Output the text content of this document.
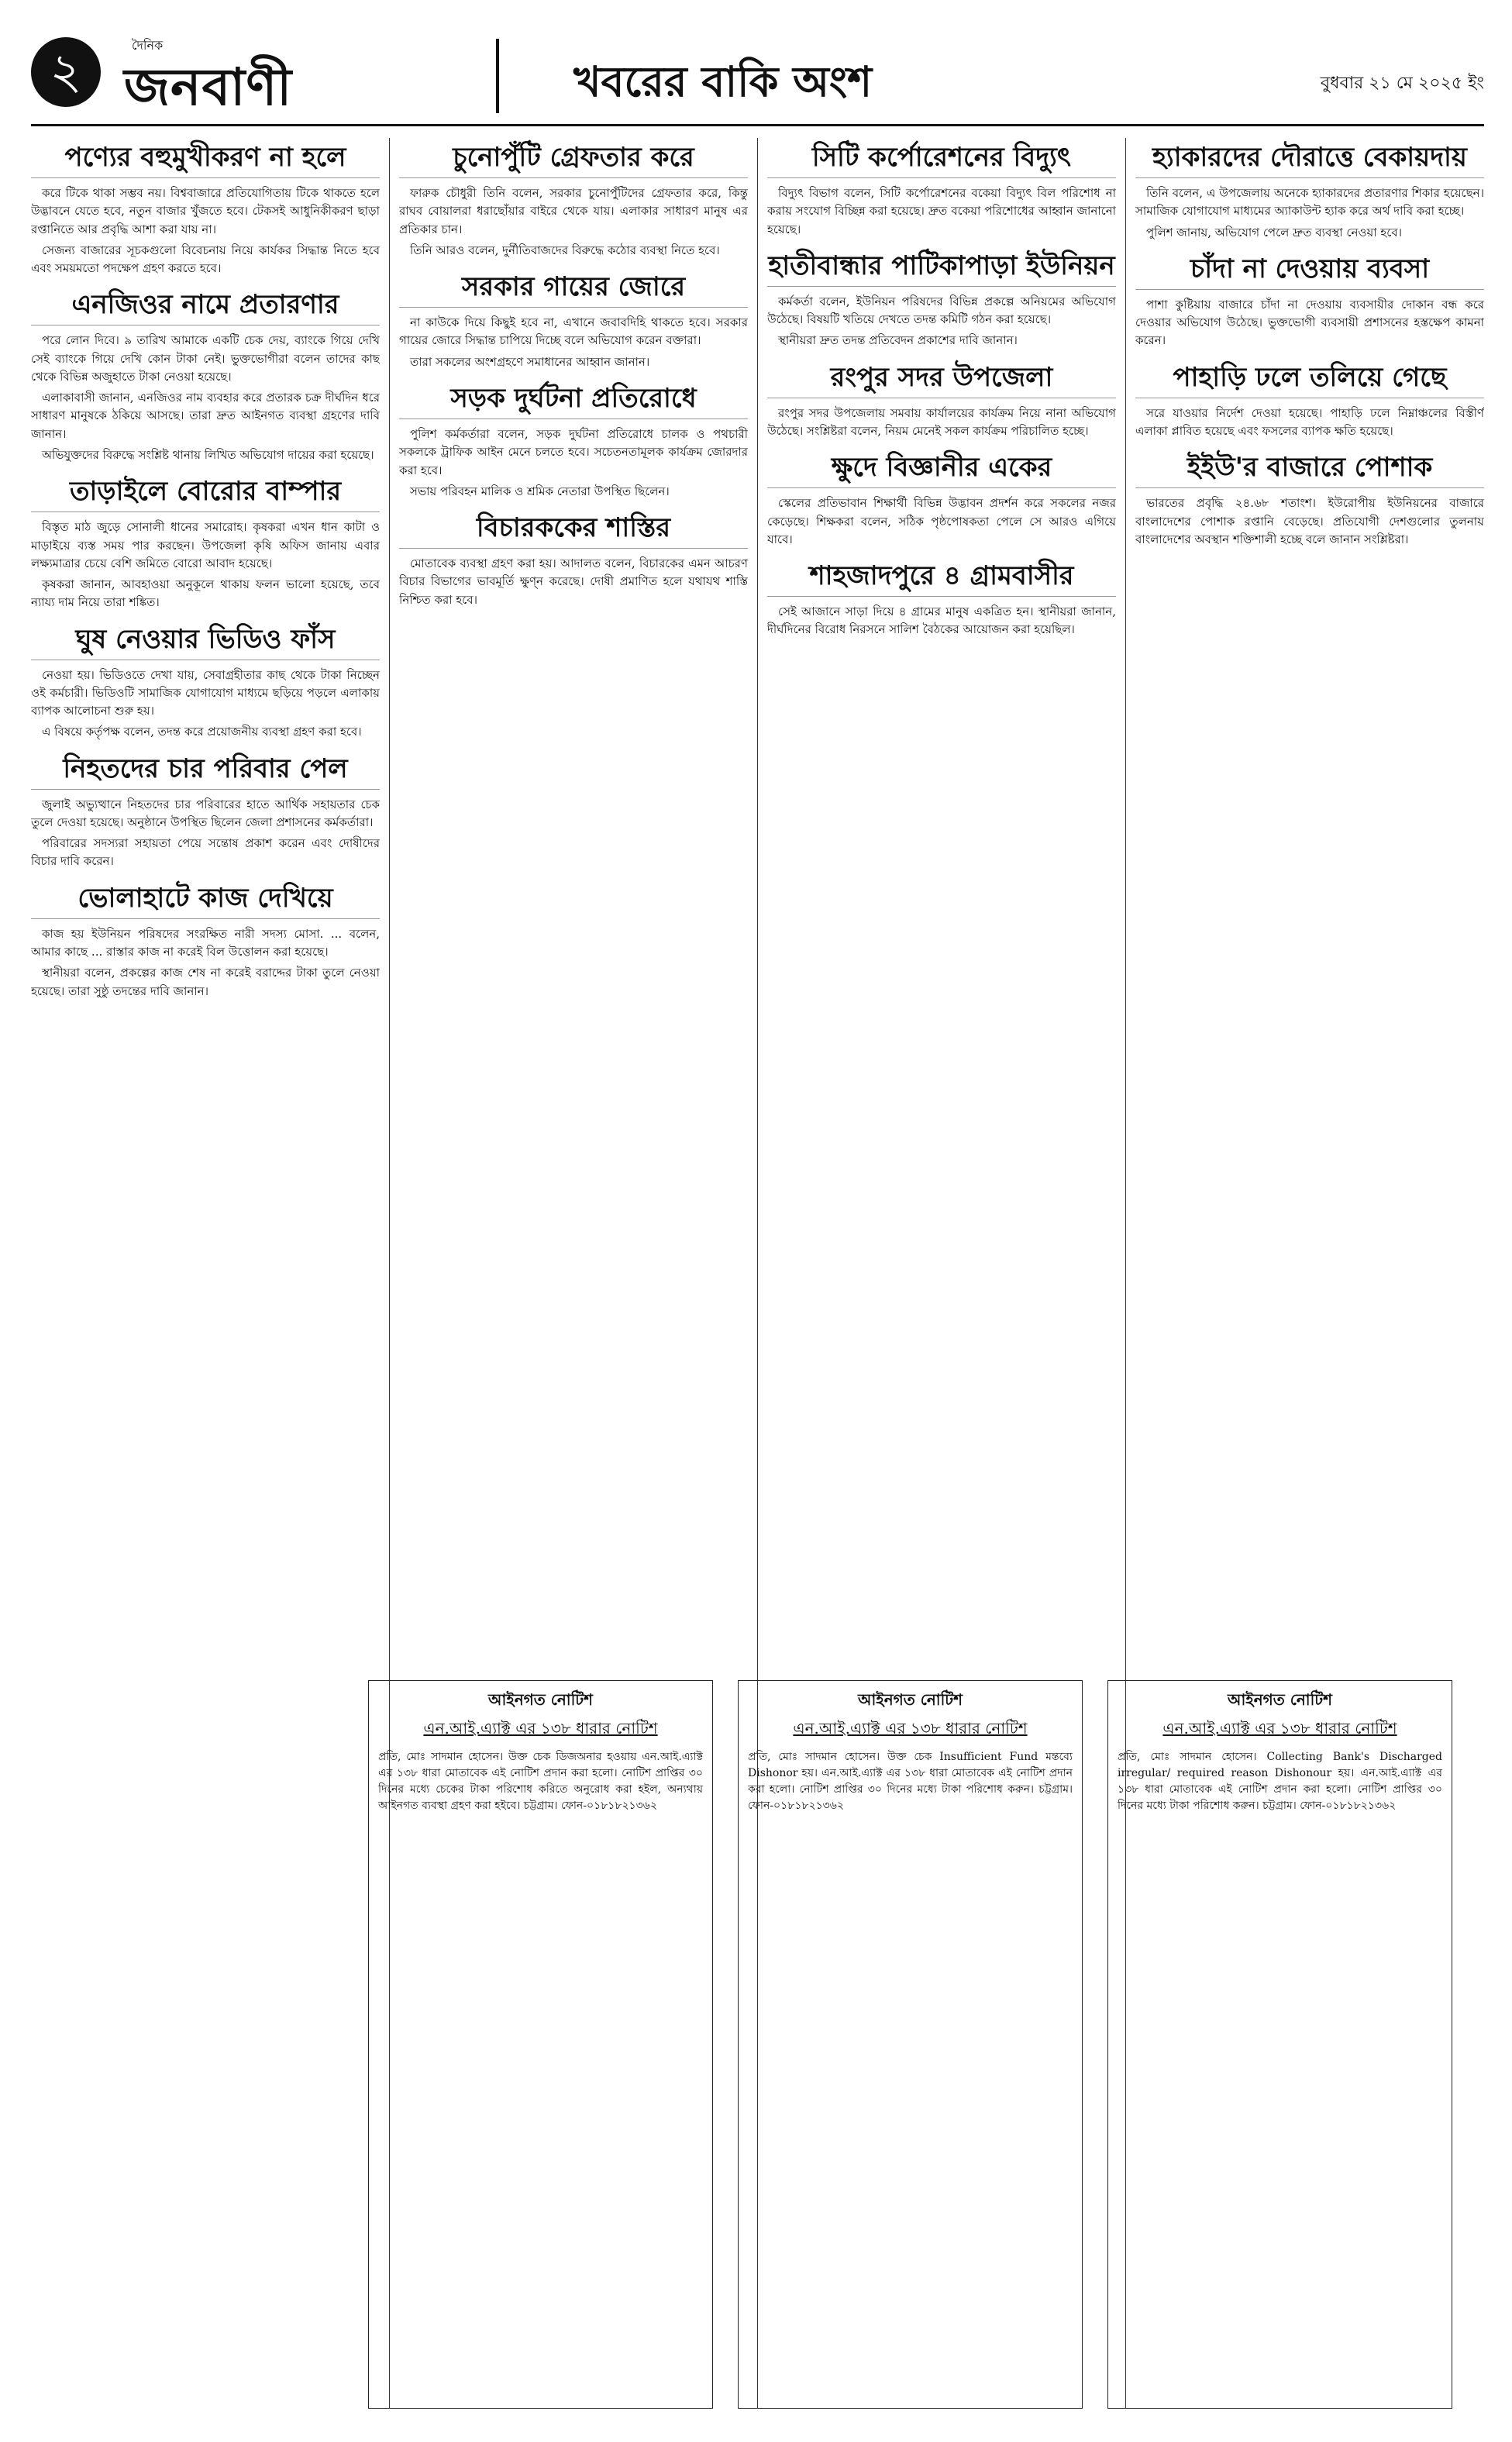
২	দৈনিক
জনবাণী	খবরের বাকি অংশ	বুধবার ২১ মে ২০২৫ ইং
পণ্যের বহুমুখীকরণ না হলে

করে টিকে থাকা সম্ভব নয়। বিশ্ববাজারে প্রতিযোগিতায় টিকে থাকতে হলে উদ্ভাবনে যেতে হবে, নতুন বাজার খুঁজতে হবে। টেকসই আধুনিকীকরণ ছাড়া রপ্তানিতে আর প্রবৃদ্ধি আশা করা যায় না।

সেজন্য বাজারের সূচকগুলো বিবেচনায় নিয়ে কার্যকর সিদ্ধান্ত নিতে হবে এবং সময়মতো পদক্ষেপ গ্রহণ করতে হবে।

এনজিওর নামে প্রতারণার

পরে লোন দিবে। ৯ তারিখ আমাকে একটি চেক দেয়, ব্যাংকে গিয়ে দেখি সেই ব্যাংকে গিয়ে দেখি কোন টাকা নেই। ভুক্তভোগীরা বলেন তাদের কাছ থেকে বিভিন্ন অজুহাতে টাকা নেওয়া হয়েছে।

এলাকাবাসী জানান, এনজিওর নাম ব্যবহার করে প্রতারক চক্র দীর্ঘদিন ধরে সাধারণ মানুষকে ঠকিয়ে আসছে। তারা দ্রুত আইনগত ব্যবস্থা গ্রহণের দাবি জানান।

অভিযুক্তদের বিরুদ্ধে সংশ্লিষ্ট থানায় লিখিত অভিযোগ দায়ের করা হয়েছে।

তাড়াইলে বোরোর বাম্পার

বিস্তৃত মাঠ জুড়ে সোনালী ধানের সমারোহ। কৃষকরা এখন ধান কাটা ও মাড়াইয়ে ব্যস্ত সময় পার করছেন। উপজেলা কৃষি অফিস জানায় এবার লক্ষ্যমাত্রার চেয়ে বেশি জমিতে বোরো আবাদ হয়েছে।

কৃষকরা জানান, আবহাওয়া অনুকূলে থাকায় ফলন ভালো হয়েছে, তবে ন্যায্য দাম নিয়ে তারা শঙ্কিত।

ঘুষ নেওয়ার ভিডিও ফাঁস

নেওয়া হয়। ভিডিওতে দেখা যায়, সেবাগ্রহীতার কাছ থেকে টাকা নিচ্ছেন ওই কর্মচারী। ভিডিওটি সামাজিক যোগাযোগ মাধ্যমে ছড়িয়ে পড়লে এলাকায় ব্যাপক আলোচনা শুরু হয়।

এ বিষয়ে কর্তৃপক্ষ বলেন, তদন্ত করে প্রয়োজনীয় ব্যবস্থা গ্রহণ করা হবে।

নিহতদের চার পরিবার পেল

জুলাই অভ্যুত্থানে নিহতদের চার পরিবারের হাতে আর্থিক সহায়তার চেক তুলে দেওয়া হয়েছে। অনুষ্ঠানে উপস্থিত ছিলেন জেলা প্রশাসনের কর্মকর্তারা।

পরিবারের সদস্যরা সহায়তা পেয়ে সন্তোষ প্রকাশ করেন এবং দোষীদের বিচার দাবি করেন।

ভোলাহাটে কাজ দেখিয়ে

কাজ হয় ইউনিয়ন পরিষদের সংরক্ষিত নারী সদস্য মোসা. ... বলেন, আমার কাছে ... রাস্তার কাজ না করেই বিল উত্তোলন করা হয়েছে।

স্থানীয়রা বলেন, প্রকল্পের কাজ শেষ না করেই বরাদ্দের টাকা তুলে নেওয়া হয়েছে। তারা সুষ্ঠু তদন্তের দাবি জানান।

চুনোপুঁটি গ্রেফতার করে

ফারুক চৌধুরী তিনি বলেন, সরকার চুনোপুঁটিদের গ্রেফতার করে, কিন্তু রাঘব বোয়ালরা ধরাছোঁয়ার বাইরে থেকে যায়। এলাকার সাধারণ মানুষ এর প্রতিকার চান।

তিনি আরও বলেন, দুর্নীতিবাজদের বিরুদ্ধে কঠোর ব্যবস্থা নিতে হবে।

সরকার গায়ের জোরে

না কাউকে দিয়ে কিছুই হবে না, এখানে জবাবদিহি থাকতে হবে। সরকার গায়ের জোরে সিদ্ধান্ত চাপিয়ে দিচ্ছে বলে অভিযোগ করেন বক্তারা।

তারা সকলের অংশগ্রহণে সমাধানের আহ্বান জানান।

সড়ক দুর্ঘটনা প্রতিরোধে

পুলিশ কর্মকর্তারা বলেন, সড়ক দুর্ঘটনা প্রতিরোধে চালক ও পথচারী সকলকে ট্রাফিক আইন মেনে চলতে হবে। সচেতনতামূলক কার্যক্রম জোরদার করা হবে।

সভায় পরিবহন মালিক ও শ্রমিক নেতারা উপস্থিত ছিলেন।

বিচারককের শাস্তির

মোতাবেক ব্যবস্থা গ্রহণ করা হয়। আদালত বলেন, বিচারকের এমন আচরণ বিচার বিভাগের ভাবমূর্তি ক্ষুণ্ন করেছে। দোষী প্রমাণিত হলে যথাযথ শাস্তি নিশ্চিত করা হবে।

সিটি কর্পোরেশনের বিদ্যুৎ

বিদ্যুৎ বিভাগ বলেন, সিটি কর্পোরেশনের বকেয়া বিদ্যুৎ বিল পরিশোধ না করায় সংযোগ বিচ্ছিন্ন করা হয়েছে। দ্রুত বকেয়া পরিশোধের আহ্বান জানানো হয়েছে।

হাতীবান্ধার পাটিকাপাড়া ইউনিয়ন

কর্মকর্তা বলেন, ইউনিয়ন পরিষদের বিভিন্ন প্রকল্পে অনিয়মের অভিযোগ উঠেছে। বিষয়টি খতিয়ে দেখতে তদন্ত কমিটি গঠন করা হয়েছে।

স্থানীয়রা দ্রুত তদন্ত প্রতিবেদন প্রকাশের দাবি জানান।

রংপুর সদর উপজেলা

রংপুর সদর উপজেলায় সমবায় কার্যালয়ের কার্যক্রম নিয়ে নানা অভিযোগ উঠেছে। সংশ্লিষ্টরা বলেন, নিয়ম মেনেই সকল কার্যক্রম পরিচালিত হচ্ছে।

ক্ষুদে বিজ্ঞানীর একের

স্কেলের প্রতিভাবান শিক্ষার্থী বিভিন্ন উদ্ভাবন প্রদর্শন করে সকলের নজর কেড়েছে। শিক্ষকরা বলেন, সঠিক পৃষ্ঠপোষকতা পেলে সে আরও এগিয়ে যাবে।

শাহজাদপুরে ৪ গ্রামবাসীর

সেই আজানে সাড়া দিয়ে ৪ গ্রামের মানুষ একত্রিত হন। স্থানীয়রা জানান, দীর্ঘদিনের বিরোধ নিরসনে সালিশ বৈঠকের আয়োজন করা হয়েছিল।

হ্যাকারদের দৌরাত্তে বেকায়দায়

তিনি বলেন, এ উপজেলায় অনেকে হ্যাকারদের প্রতারণার শিকার হয়েছেন। সামাজিক যোগাযোগ মাধ্যমের অ্যাকাউন্ট হ্যাক করে অর্থ দাবি করা হচ্ছে।

পুলিশ জানায়, অভিযোগ পেলে দ্রুত ব্যবস্থা নেওয়া হবে।

চাঁদা না দেওয়ায় ব্যবসা

পাশা কুষ্টিয়ায় বাজারে চাঁদা না দেওয়ায় ব্যবসায়ীর দোকান বন্ধ করে দেওয়ার অভিযোগ উঠেছে। ভুক্তভোগী ব্যবসায়ী প্রশাসনের হস্তক্ষেপ কামনা করেন।

পাহাড়ি ঢলে তলিয়ে গেছে

সরে যাওয়ার নির্দেশ দেওয়া হয়েছে। পাহাড়ি ঢলে নিম্নাঞ্চলের বিস্তীর্ণ এলাকা প্লাবিত হয়েছে এবং ফসলের ব্যাপক ক্ষতি হয়েছে।

ইইউ'র বাজারে পোশাক

ভারতের প্রবৃদ্ধি ২৪.৬৮ শতাংশ। ইউরোপীয় ইউনিয়নের বাজারে বাংলাদেশের পোশাক রপ্তানি বেড়েছে। প্রতিযোগী দেশগুলোর তুলনায় বাংলাদেশের অবস্থান শক্তিশালী হচ্ছে বলে জানান সংশ্লিষ্টরা।

আইনগত নোটিশ
এন.আই.এ্যাক্ট এর ১৩৮ ধারার নোটিশ
প্রতি, মোঃ সাদমান হোসেন। উক্ত চেক ডিজঅনার হওয়ায় এন.আই.এ্যাক্ট এর ১৩৮ ধারা মোতাবেক এই নোটিশ প্রদান করা হলো। নোটিশ প্রাপ্তির ৩০ দিনের মধ্যে চেকের টাকা পরিশোধ করিতে অনুরোধ করা হইল, অন্যথায় আইনগত ব্যবস্থা গ্রহণ করা হইবে। চট্টগ্রাম। ফোন-০১৮১৮২১৩৬২
আইনগত নোটিশ
এন.আই.এ্যাক্ট এর ১৩৮ ধারার নোটিশ
প্রতি, মোঃ সাদমান হোসেন। উক্ত চেক Insufficient Fund মন্তব্যে Dishonor হয়। এন.আই.এ্যাক্ট এর ১৩৮ ধারা মোতাবেক এই নোটিশ প্রদান করা হলো। নোটিশ প্রাপ্তির ৩০ দিনের মধ্যে টাকা পরিশোধ করুন। চট্টগ্রাম। ফোন-০১৮১৮২১৩৬২
আইনগত নোটিশ
এন.আই.এ্যাক্ট এর ১৩৮ ধারার নোটিশ
প্রতি, মোঃ সাদমান হোসেন। Collecting Bank's Discharged irregular/ required reason Dishonour হয়। এন.আই.এ্যাক্ট এর ১৩৮ ধারা মোতাবেক এই নোটিশ প্রদান করা হলো। নোটিশ প্রাপ্তির ৩০ দিনের মধ্যে টাকা পরিশোধ করুন। চট্টগ্রাম। ফোন-০১৮১৮২১৩৬২
